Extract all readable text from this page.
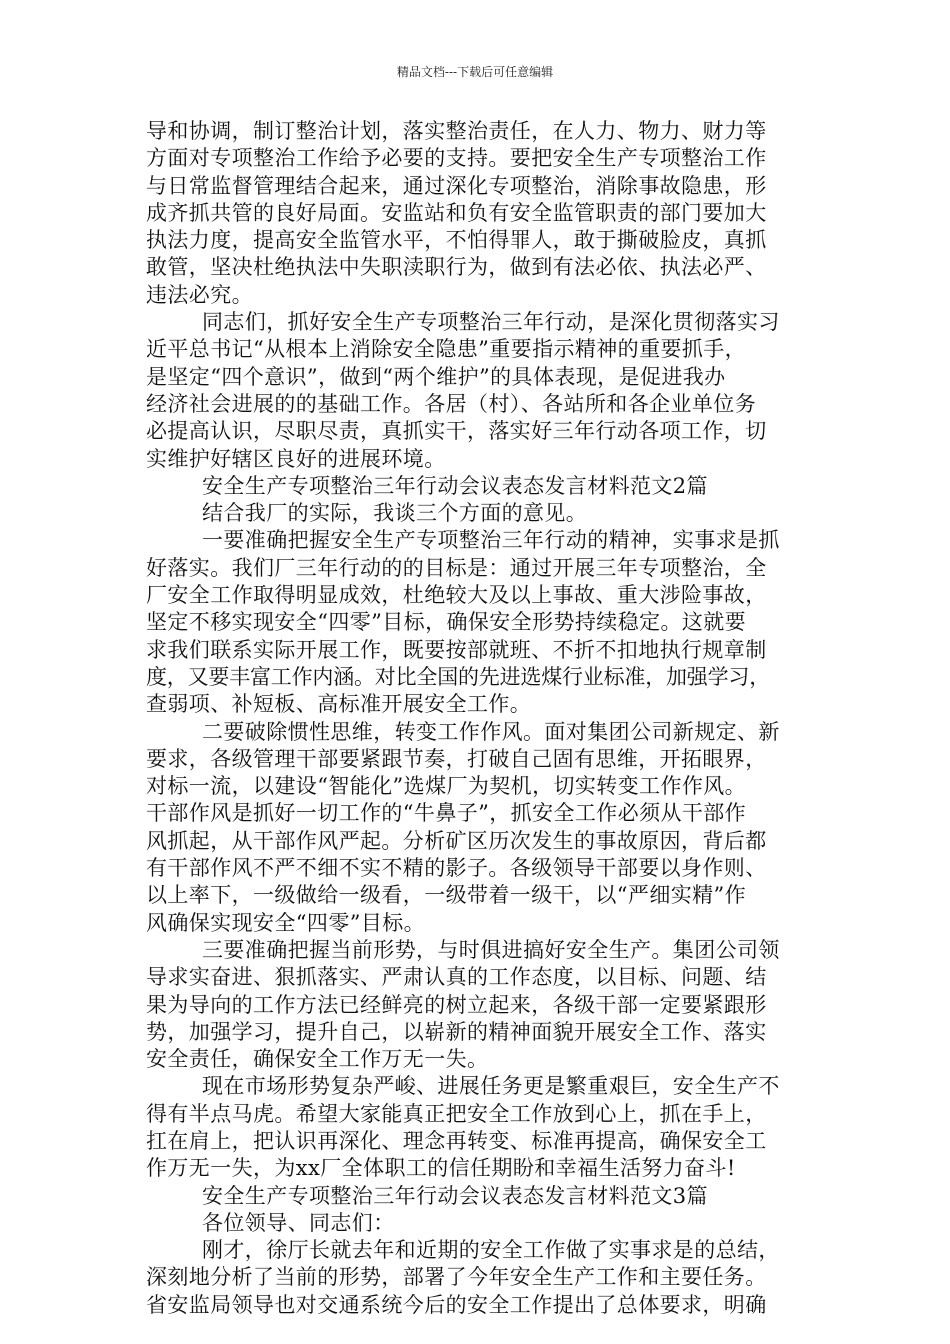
精品文档---下载后可任意编辑
导和协调，制订整治计划，落实整治责任，在人力、物力、财力等
方面对专项整治工作给予必要的支持。要把安全生产专项整治工作
与日常监督管理结合起来，通过深化专项整治，消除事故隐患，形
成齐抓共管的良好局面。安监站和负有安全监管职责的部门要加大
执法力度，提高安全监管水平，不怕得罪人，敢于撕破脸皮，真抓
敢管，坚决杜绝执法中失职渎职行为，做到有法必依、执法必严、
违法必究。
同志们，抓好安全生产专项整治三年行动，是深化贯彻落实习
近平总书记“从根本上消除安全隐患”重要指示精神的重要抓手，
是坚定“四个意识”，做到“两个维护”的具体表现，是促进我办
经济社会进展的的基础工作。各居（村）、各站所和各企业单位务
必提高认识，尽职尽责，真抓实干，落实好三年行动各项工作，切
实维护好辖区良好的进展环境。
安全生产专项整治三年行动会议表态发言材料范文2篇
结合我厂的实际，我谈三个方面的意见。
一要准确把握安全生产专项整治三年行动的精神，实事求是抓
好落实。我们厂三年行动的的目标是：通过开展三年专项整治，全
厂安全工作取得明显成效，杜绝较大及以上事故、重大涉险事故，
坚定不移实现安全“四零”目标，确保安全形势持续稳定。这就要
求我们联系实际开展工作，既要按部就班、不折不扣地执行规章制
度，又要丰富工作内涵。对比全国的先进选煤行业标准，加强学习，
查弱项、补短板、高标准开展安全工作。
二要破除惯性思维，转变工作作风。面对集团公司新规定、新
要求，各级管理干部要紧跟节奏，打破自己固有思维，开拓眼界，
对标一流，以建设“智能化”选煤厂为契机，切实转变工作作风。
干部作风是抓好一切工作的“牛鼻子”，抓安全工作必须从干部作
风抓起，从干部作风严起。分析矿区历次发生的事故原因，背后都
有干部作风不严不细不实不精的影子。各级领导干部要以身作则、
以上率下，一级做给一级看，一级带着一级干，以“严细实精”作
风确保实现安全“四零”目标。
三要准确把握当前形势，与时俱进搞好安全生产。集团公司领
导求实奋进、狠抓落实、严肃认真的工作态度，以目标、问题、结
果为导向的工作方法已经鲜亮的树立起来，各级干部一定要紧跟形
势，加强学习，提升自己，以崭新的精神面貌开展安全工作、落实
安全责任，确保安全工作万无一失。
现在市场形势复杂严峻、进展任务更是繁重艰巨，安全生产不
得有半点马虎。希望大家能真正把安全工作放到心上，抓在手上，
扛在肩上，把认识再深化、理念再转变、标准再提高，确保安全工
作万无一失，为xx厂全体职工的信任期盼和幸福生活努力奋斗!
安全生产专项整治三年行动会议表态发言材料范文3篇
各位领导、同志们：
刚才，徐厅长就去年和近期的安全工作做了实事求是的总结，
深刻地分析了当前的形势，部署了今年安全生产工作和主要任务。
省安监局领导也对交通系统今后的安全工作提出了总体要求，明确
